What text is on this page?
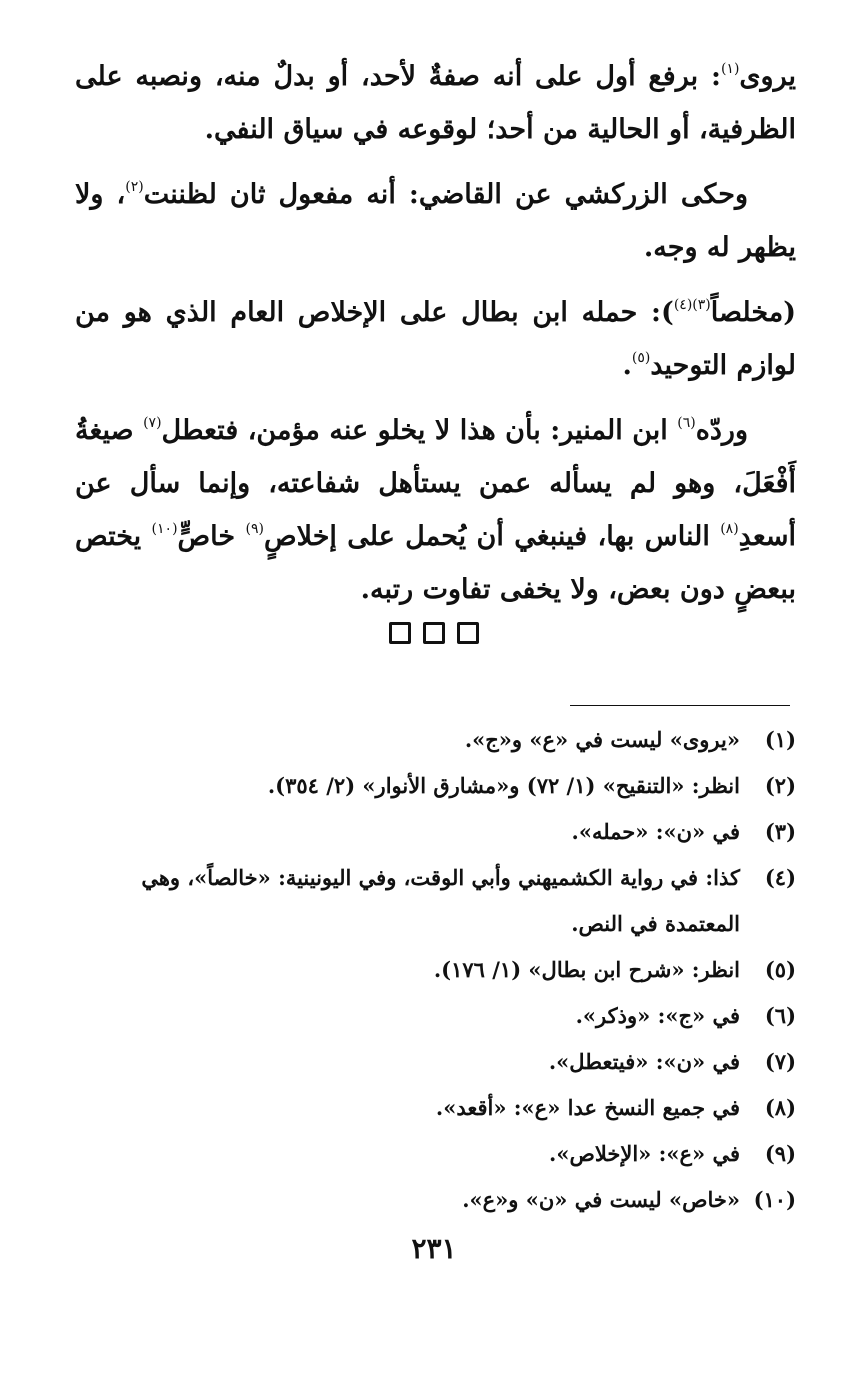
يروى$^{(١)}$: برفع أول على أنه صفةٌ لأحد، أو بدلٌ منه، ونصبه على الظرفية، أو الحالية من أحد؛ لوقوعه في سياق النفي.

وحكى الزركشي عن القاضي: أنه مفعول ثان لظننت$^{(٢)}$، ولا يظهر له وجه.

(مخلصاً$^{(٣)(٤)}$): حمله ابن بطال على الإخلاص العام الذي هو من لوازم التوحيد$^{(٥)}$.

وردّه$^{(٦)}$ ابن المنير: بأن هذا لا يخلو عنه مؤمن، فتعطل$^{(٧)}$ صيغةُ أَفْعَلَ، وهو لم يسأله عمن يستأهل شفاعته، وإنما سأل عن أسعدِ$^{(٨)}$ الناس بها، فينبغي أن يُحمل على إخلاصٍ$^{(٩)}$ خاصٍّ$^{(١٠)}$ يختص ببعضٍ دون بعض، ولا يخفى تفاوت رتبه.

(١)
«يروى» ليست في «ع» و«ج».
(٢)
انظر: «التنقيح» (١/ ٧٢) و«مشارق الأنوار» (٢/ ٣٥٤).
(٣)
في «ن»: «حمله».
(٤)
كذا: في رواية الكشميهني وأبي الوقت، وفي اليونينية: «خالصاً»، وهي المعتمدة في النص.
(٥)
انظر: «شرح ابن بطال» (١/ ١٧٦).
(٦)
في «ج»: «وذكر».
(٧)
في «ن»: «فيتعطل».
(٨)
في جميع النسخ عدا «ع»: «أقعد».
(٩)
في «ع»: «الإخلاص».
(١٠)
«خاص» ليست في «ن» و«ع».
٢٣١
